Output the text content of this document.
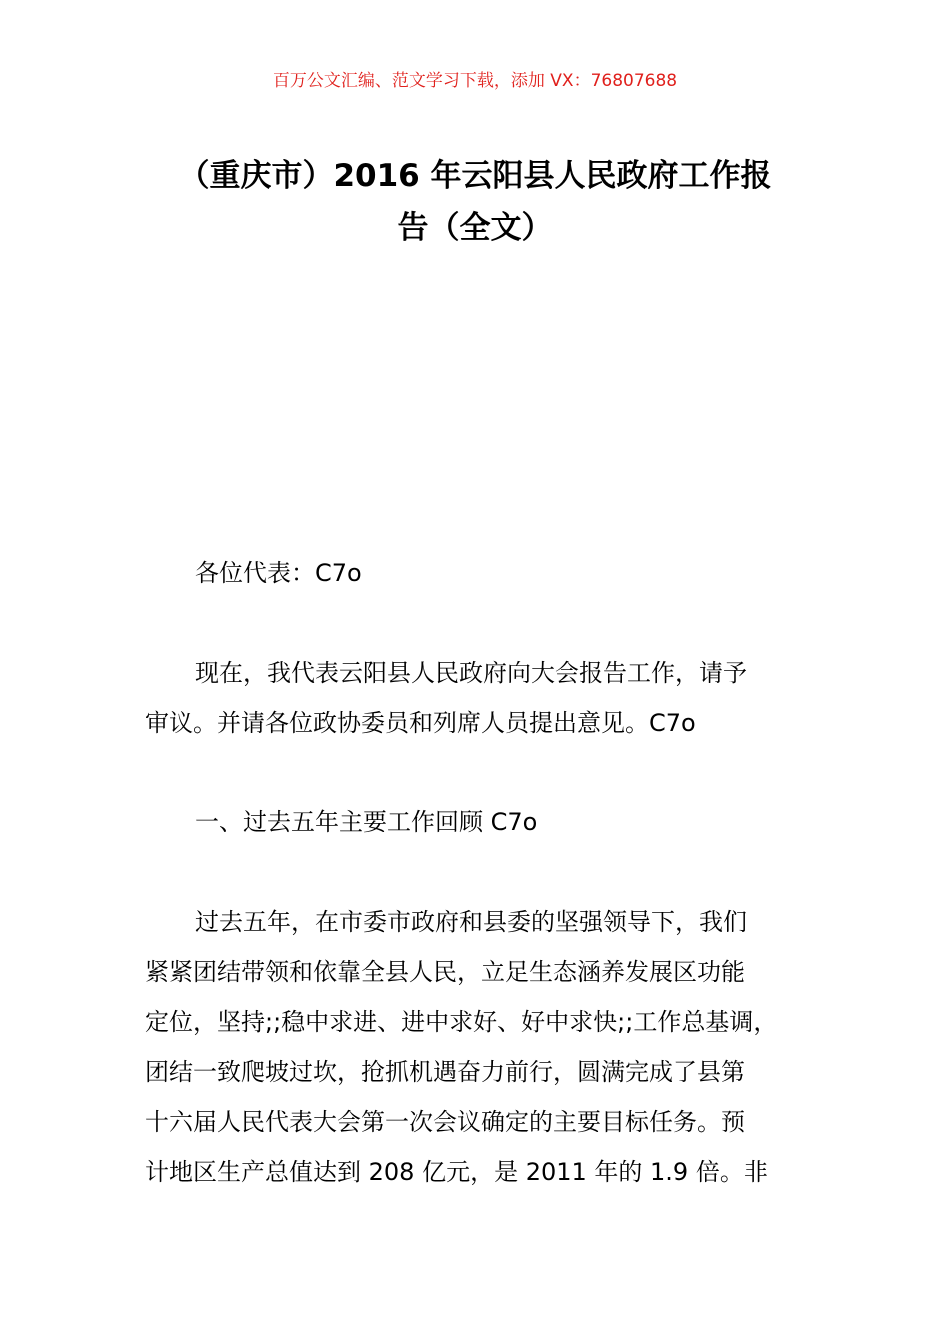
百万公文汇编、范文学习下载，添加 VX：76807688
（重庆市）2016 年云阳县人民政府工作报
告（全文）

各位代表：C7o

现在，我代表云阳县人民政府向大会报告工作，请予
审议。并请各位政协委员和列席人员提出意见。C7o

一、过去五年主要工作回顾 C7o

过去五年，在市委市政府和县委的坚强领导下，我们
紧紧团结带领和依靠全县人民，立足生态涵养发展区功能
定位，坚持;;稳中求进、进中求好、好中求快;;工作总基调，
团结一致爬坡过坎，抢抓机遇奋力前行，圆满完成了县第
十六届人民代表大会第一次会议确定的主要目标任务。预
计地区生产总值达到 208 亿元，是 2011 年的 1.9 倍。非
